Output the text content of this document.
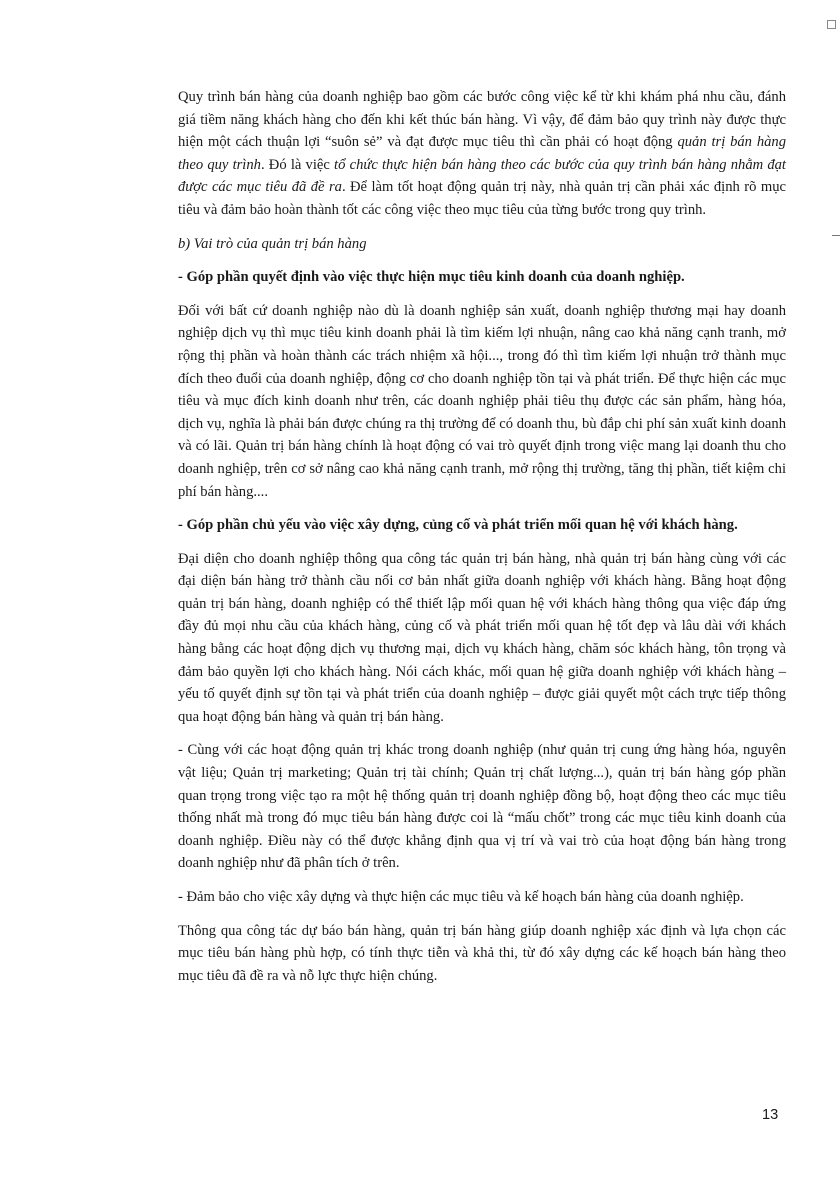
Quy trình bán hàng của doanh nghiệp bao gồm các bước công việc kể từ khi khám phá nhu cầu, đánh giá tiềm năng khách hàng cho đến khi kết thúc bán hàng. Vì vậy, để đảm bảo quy trình này được thực hiện một cách thuận lợi “suôn sẻ” và đạt được mục tiêu thì cần phải có hoạt động quản trị bán hàng theo quy trình. Đó là việc tổ chức thực hiện bán hàng theo các bước của quy trình bán hàng nhằm đạt được các mục tiêu đã đề ra. Để làm tốt hoạt động quản trị này, nhà quản trị cần phải xác định rõ mục tiêu và đảm bảo hoàn thành tốt các công việc theo mục tiêu của từng bước trong quy trình.

b) Vai trò của quản trị bán hàng

- Góp phần quyết định vào việc thực hiện mục tiêu kinh doanh của doanh nghiệp.

Đối với bất cứ doanh nghiệp nào dù là doanh nghiệp sản xuất, doanh nghiệp thương mại hay doanh nghiệp dịch vụ thì mục tiêu kinh doanh phải là tìm kiếm lợi nhuận, nâng cao khả năng cạnh tranh, mở rộng thị phần và hoàn thành các trách nhiệm xã hội..., trong đó thì tìm kiếm lợi nhuận trở thành mục đích theo đuổi của doanh nghiệp, động cơ cho doanh nghiệp tồn tại và phát triển. Để thực hiện các mục tiêu và mục đích kinh doanh như trên, các doanh nghiệp phải tiêu thụ được các sản phẩm, hàng hóa, dịch vụ, nghĩa là phải bán được chúng ra thị trường để có doanh thu, bù đắp chi phí sản xuất kinh doanh và có lãi. Quản trị bán hàng chính là hoạt động có vai trò quyết định trong việc mang lại doanh thu cho doanh nghiệp, trên cơ sở nâng cao khả năng cạnh tranh, mở rộng thị trường, tăng thị phần, tiết kiệm chi phí bán hàng....

- Góp phần chủ yếu vào việc xây dựng, củng cố và phát triển mối quan hệ với khách hàng.

Đại diện cho doanh nghiệp thông qua công tác quản trị bán hàng, nhà quản trị bán hàng cùng với các đại diện bán hàng trở thành cầu nối cơ bản nhất giữa doanh nghiệp với khách hàng. Bằng hoạt động quản trị bán hàng, doanh nghiệp có thể thiết lập mối quan hệ với khách hàng thông qua việc đáp ứng đầy đủ mọi nhu cầu của khách hàng, củng cố và phát triển mối quan hệ tốt đẹp và lâu dài với khách hàng bằng các hoạt động dịch vụ thương mại, dịch vụ khách hàng, chăm sóc khách hàng, tôn trọng và đảm bảo quyền lợi cho khách hàng. Nói cách khác, mối quan hệ giữa doanh nghiệp với khách hàng – yếu tố quyết định sự tồn tại và phát triển của doanh nghiệp – được giải quyết một cách trực tiếp thông qua hoạt động bán hàng và quản trị bán hàng.

- Cùng với các hoạt động quản trị khác trong doanh nghiệp (như quản trị cung ứng hàng hóa, nguyên vật liệu; Quản trị marketing; Quản trị tài chính; Quản trị chất lượng...), quản trị bán hàng góp phần quan trọng trong việc tạo ra một hệ thống quản trị doanh nghiệp đồng bộ, hoạt động theo các mục tiêu thống nhất mà trong đó mục tiêu bán hàng được coi là “mấu chốt” trong các mục tiêu kinh doanh của doanh nghiệp. Điều này có thể được khẳng định qua vị trí và vai trò của hoạt động bán hàng trong doanh nghiệp như đã phân tích ở trên.

- Đảm bảo cho việc xây dựng và thực hiện các mục tiêu và kế hoạch bán hàng của doanh nghiệp.

Thông qua công tác dự báo bán hàng, quản trị bán hàng giúp doanh nghiệp xác định và lựa chọn các mục tiêu bán hàng phù hợp, có tính thực tiễn và khả thi, từ đó xây dựng các kế hoạch bán hàng theo mục tiêu đã đề ra và nỗ lực thực hiện chúng.

13
